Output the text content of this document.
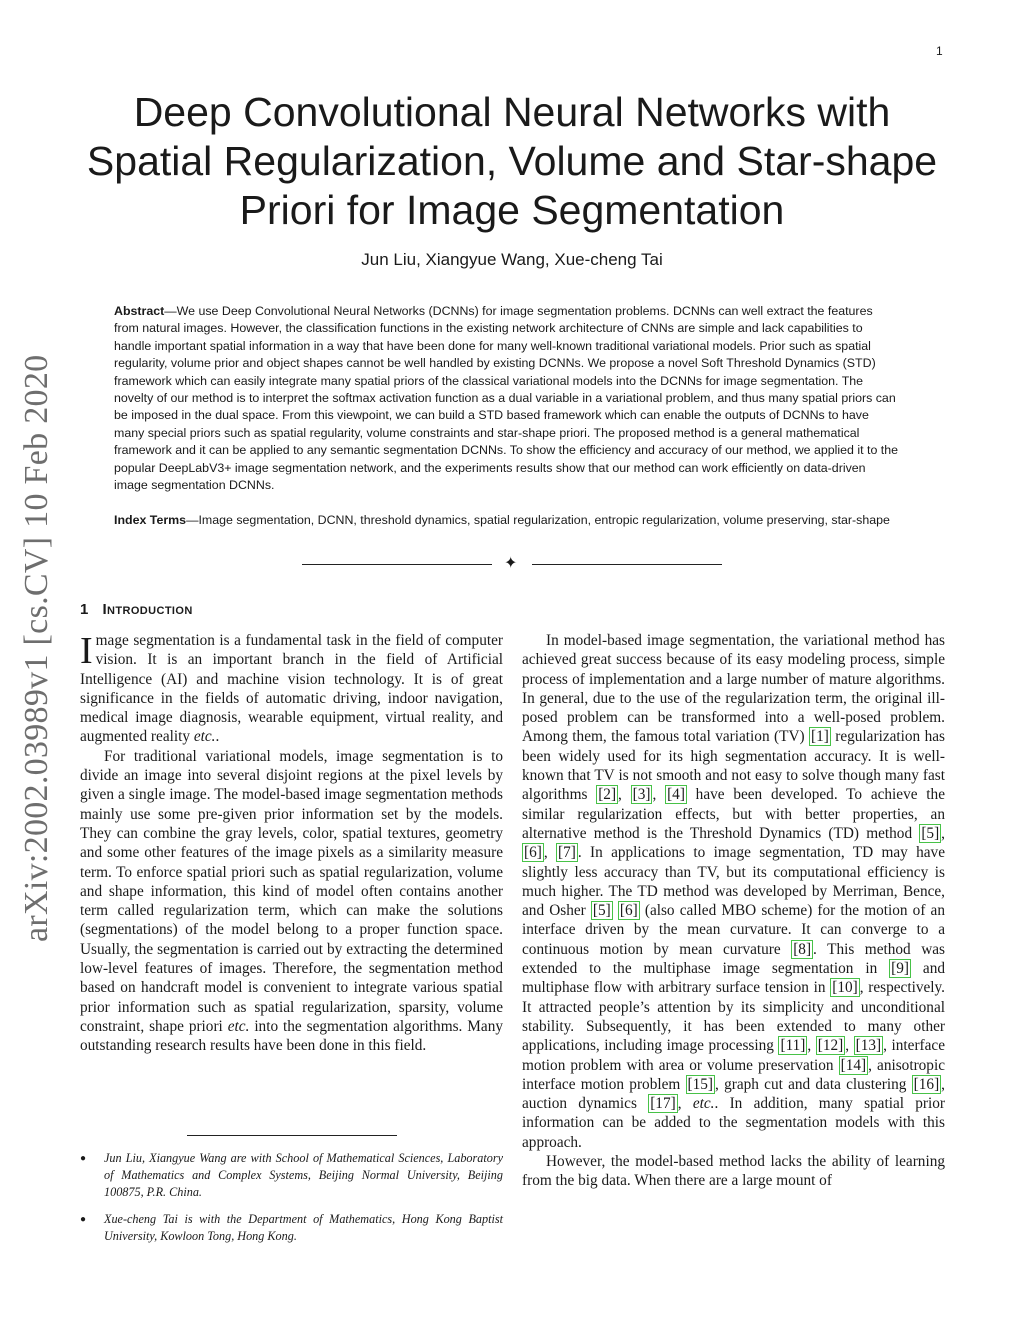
1
arXiv:2002.03989v1 [cs.CV] 10 Feb 2020
Deep Convolutional Neural Networks with
Spatial Regularization, Volume and Star-shape
Priori for Image Segmentation
Jun Liu, Xiangyue Wang, Xue-cheng Tai
Abstract—We use Deep Convolutional Neural Networks (DCNNs) for image segmentation problems. DCNNs can well extract the features from natural images. However, the classification functions in the existing network architecture of CNNs are simple and lack capabilities to handle important spatial information in a way that have been done for many well-known traditional variational models. Prior such as spatial regularity, volume prior and object shapes cannot be well handled by existing DCNNs. We propose a novel Soft Threshold Dynamics (STD) framework which can easily integrate many spatial priors of the classical variational models into the DCNNs for image segmentation. The novelty of our method is to interpret the softmax activation function as a dual variable in a variational problem, and thus many spatial priors can be imposed in the dual space. From this viewpoint, we can build a STD based framework which can enable the outputs of DCNNs to have many special priors such as spatial regularity, volume constraints and star-shape priori. The proposed method is a general mathematical framework and it can be applied to any semantic segmentation DCNNs. To show the efficiency and accuracy of our method, we applied it to the popular DeepLabV3+ image segmentation network, and the experiments results show that our method can work efficiently on data-driven image segmentation DCNNs.
Index Terms—Image segmentation, DCNN, threshold dynamics, spatial regularization, entropic regularization, volume preserving, star-shape
✦
1 Introduction

Image segmentation is a fundamental task in the field of computer vision. It is an important branch in the field of Artificial Intelligence (AI) and machine vision technology. It is of great significance in the fields of automatic driving, indoor navigation, medical image diagnosis, wearable equipment, virtual reality, and augmented reality etc..

For traditional variational models, image segmentation is to divide an image into several disjoint regions at the pixel levels by given a single image. The model-based image segmentation methods mainly use some pre-given prior information set by the models. They can combine the gray levels, color, spatial textures, geometry and some other features of the image pixels as a similarity measure term. To enforce spatial priori such as spatial regularization, volume and shape information, this kind of model often contains another term called regularization term, which can make the solutions (segmentations) of the model belong to a proper function space. Usually, the segmentation is carried out by extracting the determined low-level features of images. Therefore, the segmentation method based on handcraft model is convenient to integrate various spatial prior information such as spatial regularization, sparsity, volume constraint, shape priori etc. into the segmentation algorithms. Many outstanding research results have been done in this field.

In model-based image segmentation, the variational method has achieved great success because of its easy modeling process, simple process of implementation and a large number of mature algorithms. In general, due to the use of the regularization term, the original ill-posed problem can be transformed into a well-posed problem. Among them, the famous total variation (TV) [1] regularization has been widely used for its high segmentation accuracy. It is well-known that TV is not smooth and not easy to solve though many fast algorithms [2] , [3] , [4] have been developed. To achieve the similar regularization effects, but with better properties, an alternative method is the Threshold Dynamics (TD) method [5] , [6] , [7] . In applications to image segmentation, TD may have slightly less accuracy than TV, but its computational efficiency is much higher. The TD method was developed by Merriman, Bence, and Osher [5] [6] (also called MBO scheme) for the motion of an interface driven by the mean curvature. It can converge to a continuous motion by mean curvature [8] . This method was extended to the multiphase image segmentation in [9] and multiphase flow with arbitrary surface tension in [10] , respectively. It attracted people’s attention by its simplicity and unconditional stability. Subsequently, it has been extended to many other applications, including image processing [11] , [12] , [13] , interface motion problem with area or volume preservation [14] , anisotropic interface motion problem [15] , graph cut and data clustering [16] , auction dynamics [17] , etc.. In addition, many spatial prior information can be added to the segmentation models with this approach.

However, the model-based method lacks the ability of learning from the big data. When there are a large mount of

● Jun Liu, Xiangyue Wang are with School of Mathematical Sciences, Laboratory of Mathematics and Complex Systems, Beijing Normal University, Beijing 100875, P.R. China.
● Xue-cheng Tai is with the Department of Mathematics, Hong Kong Baptist University, Kowloon Tong, Hong Kong.
